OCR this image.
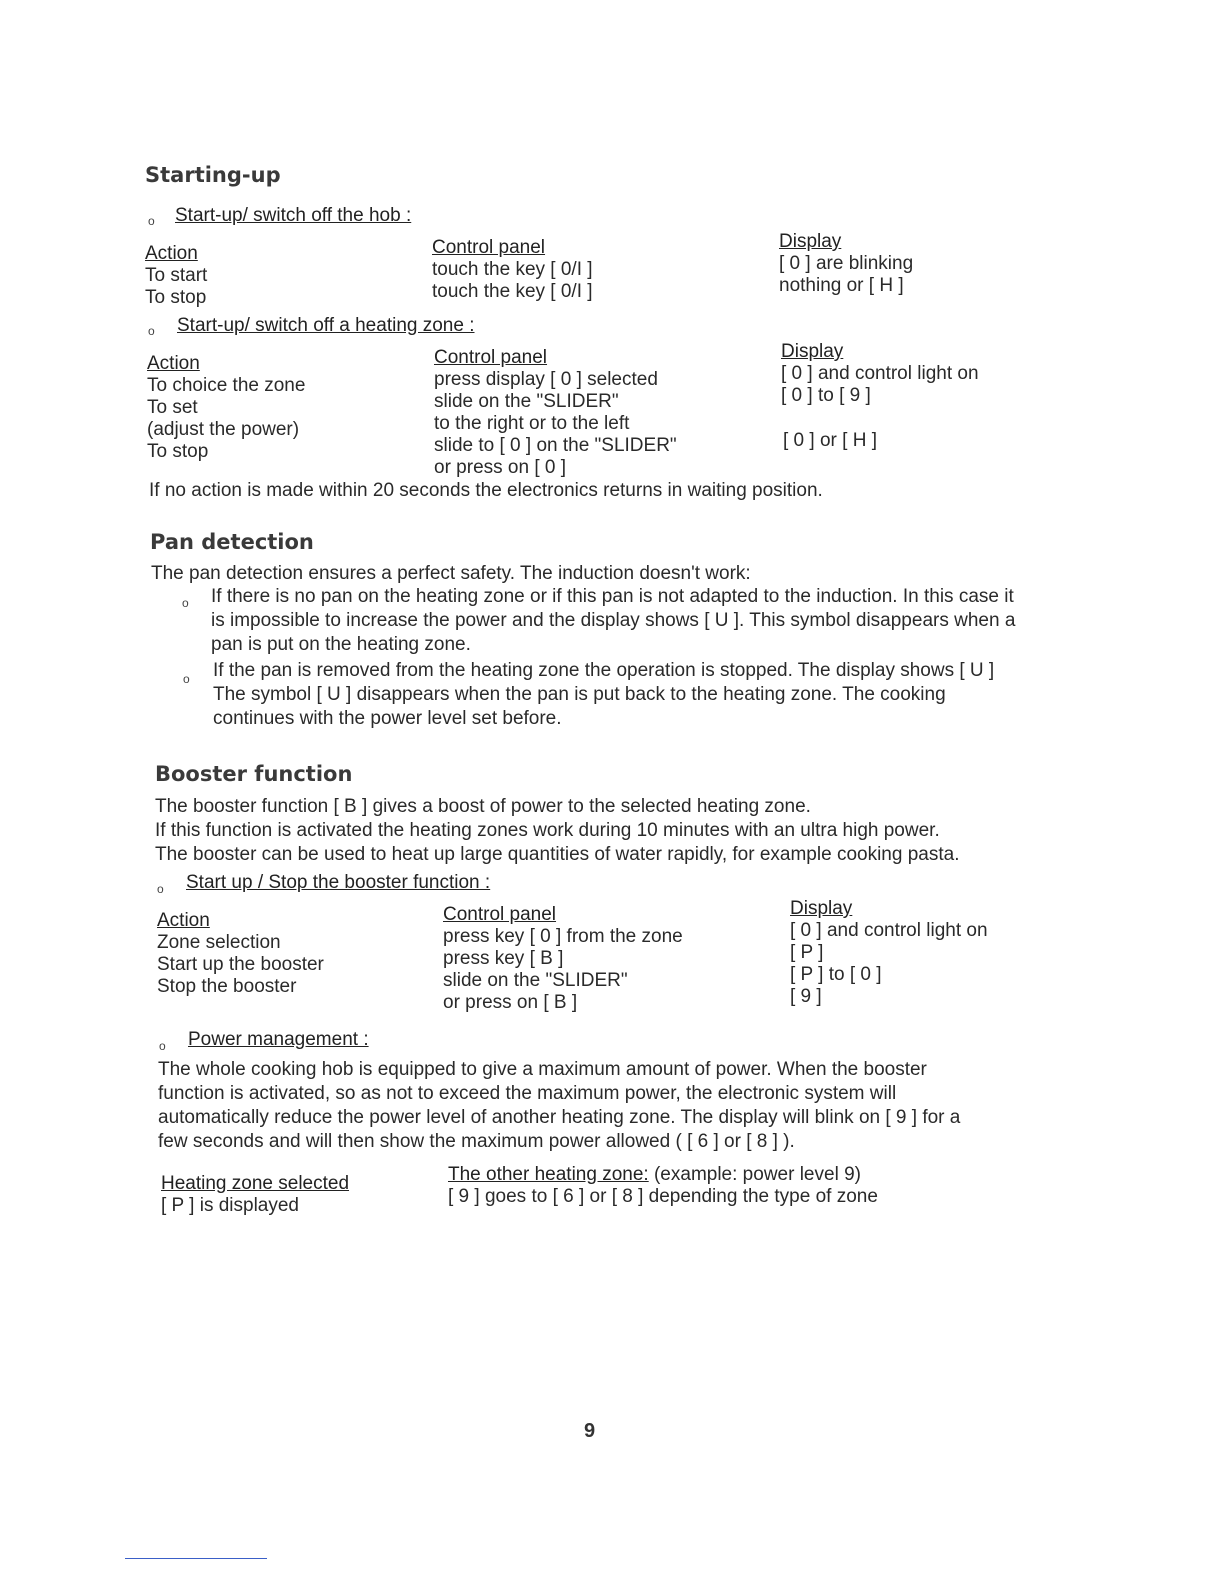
Starting-up
o Start-up/ switch off the hob :
Action
To start
To stop
Control panel
touch the key [ 0/I ]
touch the key [ 0/I ]
Display
[ 0 ] are blinking
nothing or [ H ]
o Start-up/ switch off a heating zone :
Action
To choice the zone
To set
(adjust the power)
To stop
Control panel
press display [ 0 ] selected
slide on the "SLIDER"
to the right or to the left
slide to [ 0 ] on the "SLIDER"
or press on [ 0 ]
Display
[ 0 ] and control light on
[ 0 ] to [ 9 ]
[ 0 ] or [ H ]
If no action is made within 20 seconds the electronics returns in waiting position.
Pan detection
The pan detection ensures a perfect safety. The induction doesn't work:
o If there is no pan on the heating zone or if this pan is not adapted to the induction. In this case it is impossible to increase the power and the display shows [ U ]. This symbol disappears when a pan is put on the heating zone.
o If the pan is removed from the heating zone the operation is stopped. The display shows [ U ] The symbol [ U ] disappears when the pan is put back to the heating zone. The cooking continues with the power level set before.
Booster function
The booster function [ B ] gives a boost of power to the selected heating zone.
If this function is activated the heating zones work during 10 minutes with an ultra high power.
The booster can be used to heat up large quantities of water rapidly, for example cooking pasta.
o Start up / Stop the booster function :
Action
Zone selection
Start up the booster
Stop the booster
Control panel
press key [ 0 ] from the zone
press key [ B ]
slide on the "SLIDER"
or press on [ B ]
Display
[ 0 ] and control light on
[ P ]
[ P ] to [ 0 ]
[ 9 ]
o Power management :
The whole cooking hob is equipped to give a maximum amount of power. When the booster function is activated, so as not to exceed the maximum power, the electronic system will automatically reduce the power level of another heating zone. The display will blink on [ 9 ] for a few seconds and will then show the maximum power allowed ( [ 6 ] or [ 8 ] ).
Heating zone selected
[ P ] is displayed
The other heating zone: (example: power level 9)
[ 9 ] goes to [ 6 ] or [ 8 ] depending the type of zone
9
